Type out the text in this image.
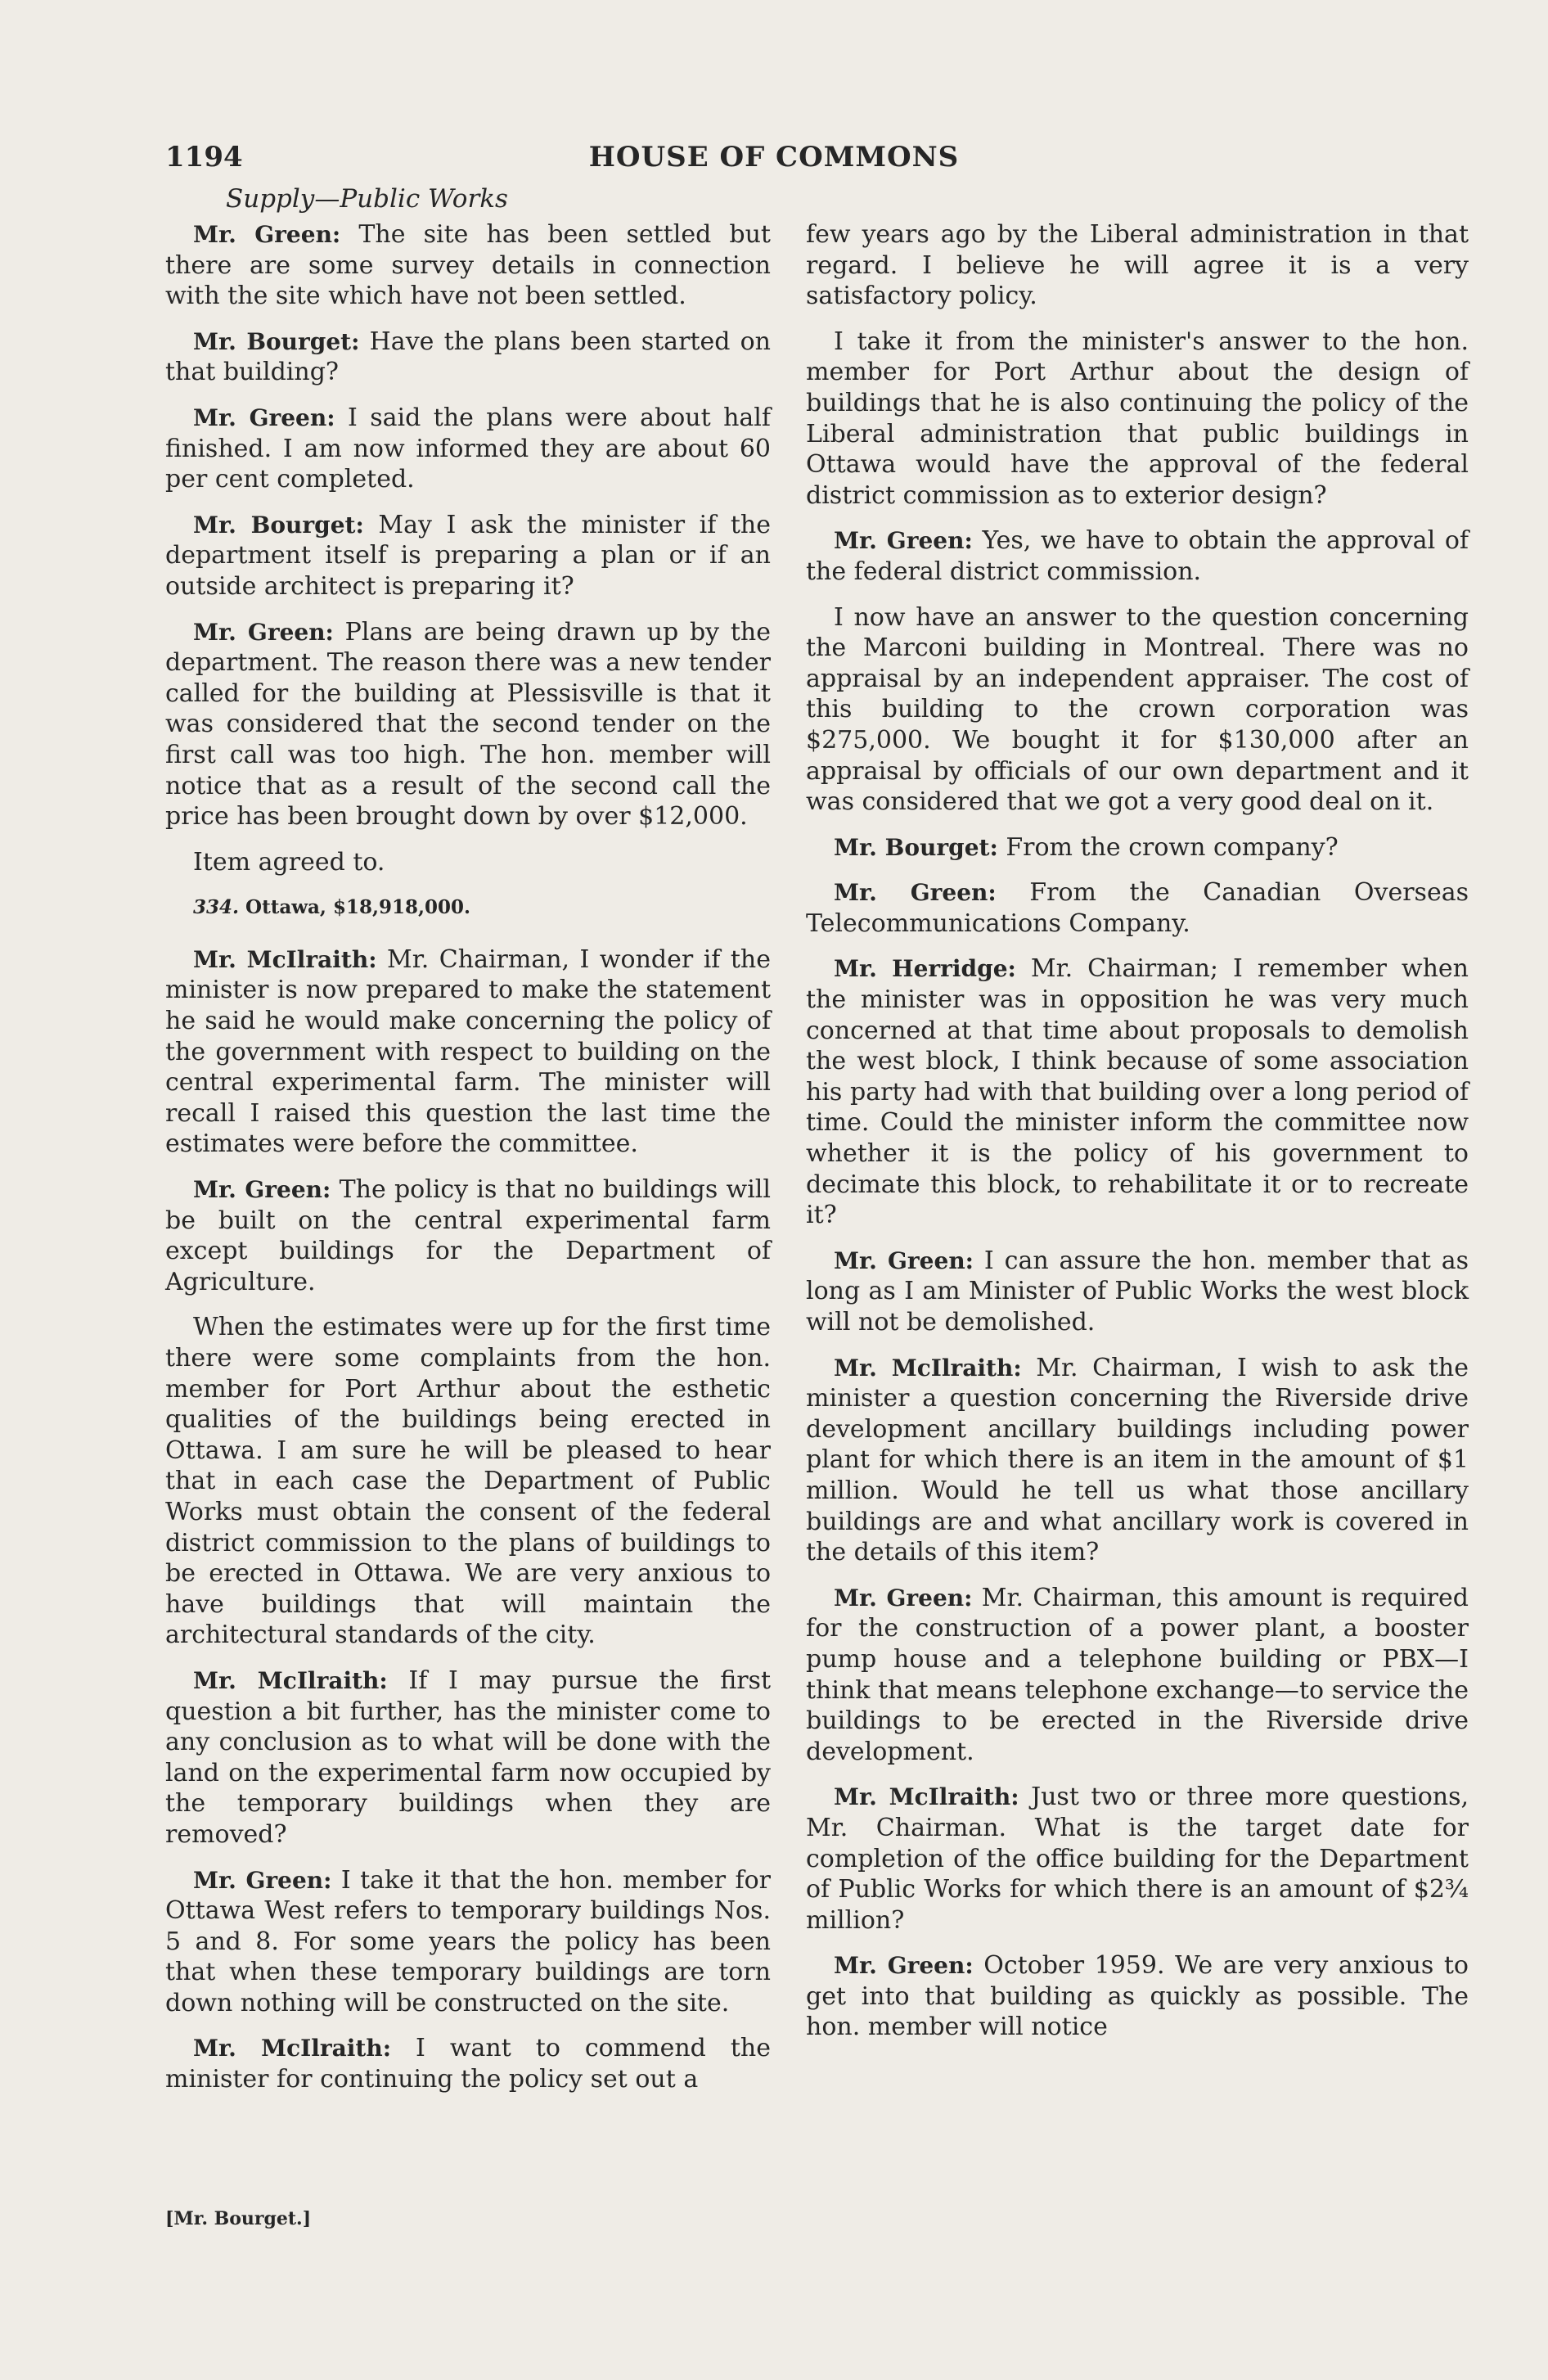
1194	HOUSE OF COMMONS
Supply—Public Works

Mr. Green: The site has been settled but there are some survey details in connection with the site which have not been settled.

Mr. Bourget: Have the plans been started on that building?

Mr. Green: I said the plans were about half finished. I am now informed they are about 60 per cent completed.

Mr. Bourget: May I ask the minister if the department itself is preparing a plan or if an outside architect is preparing it?

Mr. Green: Plans are being drawn up by the department. The reason there was a new tender called for the building at Plessisville is that it was considered that the second tender on the first call was too high. The hon. member will notice that as a result of the second call the price has been brought down by over $12,000.

Item agreed to.

334. Ottawa, $18,918,000.

Mr. McIlraith: Mr. Chairman, I wonder if the minister is now prepared to make the statement he said he would make concerning the policy of the government with respect to building on the central experimental farm. The minister will recall I raised this question the last time the estimates were before the committee.

Mr. Green: The policy is that no buildings will be built on the central experimental farm except buildings for the Department of Agriculture.

When the estimates were up for the first time there were some complaints from the hon. member for Port Arthur about the esthetic qualities of the buildings being erected in Ottawa. I am sure he will be pleased to hear that in each case the Department of Public Works must obtain the consent of the federal district commission to the plans of buildings to be erected in Ottawa. We are very anxious to have buildings that will maintain the architectural standards of the city.

Mr. McIlraith: If I may pursue the first question a bit further, has the minister come to any conclusion as to what will be done with the land on the experimental farm now occupied by the temporary buildings when they are removed?

Mr. Green: I take it that the hon. member for Ottawa West refers to temporary buildings Nos. 5 and 8. For some years the policy has been that when these temporary buildings are torn down nothing will be constructed on the site.

Mr. McIlraith: I want to commend the minister for continuing the policy set out a

few years ago by the Liberal administration in that regard. I believe he will agree it is a very satisfactory policy.

I take it from the minister's answer to the hon. member for Port Arthur about the design of buildings that he is also continuing the policy of the Liberal administration that public buildings in Ottawa would have the approval of the federal district commission as to exterior design?

Mr. Green: Yes, we have to obtain the approval of the federal district commission.

I now have an answer to the question concerning the Marconi building in Montreal. There was no appraisal by an independent appraiser. The cost of this building to the crown corporation was $275,000. We bought it for $130,000 after an appraisal by officials of our own department and it was considered that we got a very good deal on it.

Mr. Bourget: From the crown company?

Mr. Green: From the Canadian Overseas Telecommunications Company.

Mr. Herridge: Mr. Chairman; I remember when the minister was in opposition he was very much concerned at that time about proposals to demolish the west block, I think because of some association his party had with that building over a long period of time. Could the minister inform the committee now whether it is the policy of his government to decimate this block, to rehabilitate it or to recreate it?

Mr. Green: I can assure the hon. member that as long as I am Minister of Public Works the west block will not be demolished.

Mr. McIlraith: Mr. Chairman, I wish to ask the minister a question concerning the Riverside drive development ancillary buildings including power plant for which there is an item in the amount of $1 million. Would he tell us what those ancillary buildings are and what ancillary work is covered in the details of this item?

Mr. Green: Mr. Chairman, this amount is required for the construction of a power plant, a booster pump house and a telephone building or PBX—I think that means telephone exchange—to service the buildings to be erected in the Riverside drive development.

Mr. McIlraith: Just two or three more questions, Mr. Chairman. What is the target date for completion of the office building for the Department of Public Works for which there is an amount of $2¾ million?

Mr. Green: October 1959. We are very anxious to get into that building as quickly as possible. The hon. member will notice

[Mr. Bourget.]
